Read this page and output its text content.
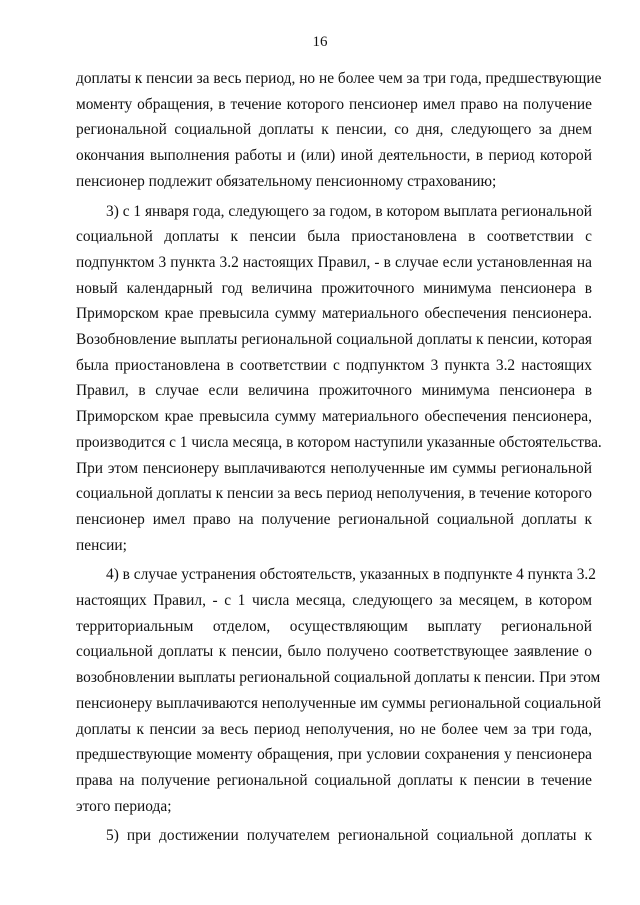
16
доплаты к пенсии за весь период, но не более чем за три года, предшествующие
моменту обращения, в течение которого пенсионер имел право на получение
региональной социальной доплаты к пенсии, со дня, следующего за днем
окончания выполнения работы и (или) иной деятельности, в период которой
пенсионер подлежит обязательному пенсионному страхованию;
3) с 1 января года, следующего за годом, в котором выплата региональной
социальной доплаты к пенсии была приостановлена в соответствии с
подпунктом 3 пункта 3.2 настоящих Правил, - в случае если установленная на
новый календарный год величина прожиточного минимума пенсионера в
Приморском крае превысила сумму материального обеспечения пенсионера.
Возобновление выплаты региональной социальной доплаты к пенсии, которая
была приостановлена в соответствии с подпунктом 3 пункта 3.2 настоящих
Правил, в случае если величина прожиточного минимума пенсионера в
Приморском крае превысила сумму материального обеспечения пенсионера,
производится с 1 числа месяца, в котором наступили указанные обстоятельства.
При этом пенсионеру выплачиваются неполученные им суммы региональной
социальной доплаты к пенсии за весь период неполучения, в течение которого
пенсионер имел право на получение региональной социальной доплаты к
пенсии;
4) в случае устранения обстоятельств, указанных в подпункте 4 пункта 3.2
настоящих Правил, - с 1 числа месяца, следующего за месяцем, в котором
территориальным отделом, осуществляющим выплату региональной
социальной доплаты к пенсии, было получено соответствующее заявление о
возобновлении выплаты региональной социальной доплаты к пенсии. При этом
пенсионеру выплачиваются неполученные им суммы региональной социальной
доплаты к пенсии за весь период неполучения, но не более чем за три года,
предшествующие моменту обращения, при условии сохранения у пенсионера
права на получение региональной социальной доплаты к пенсии в течение
этого периода;
5) при достижении получателем региональной социальной доплаты к
